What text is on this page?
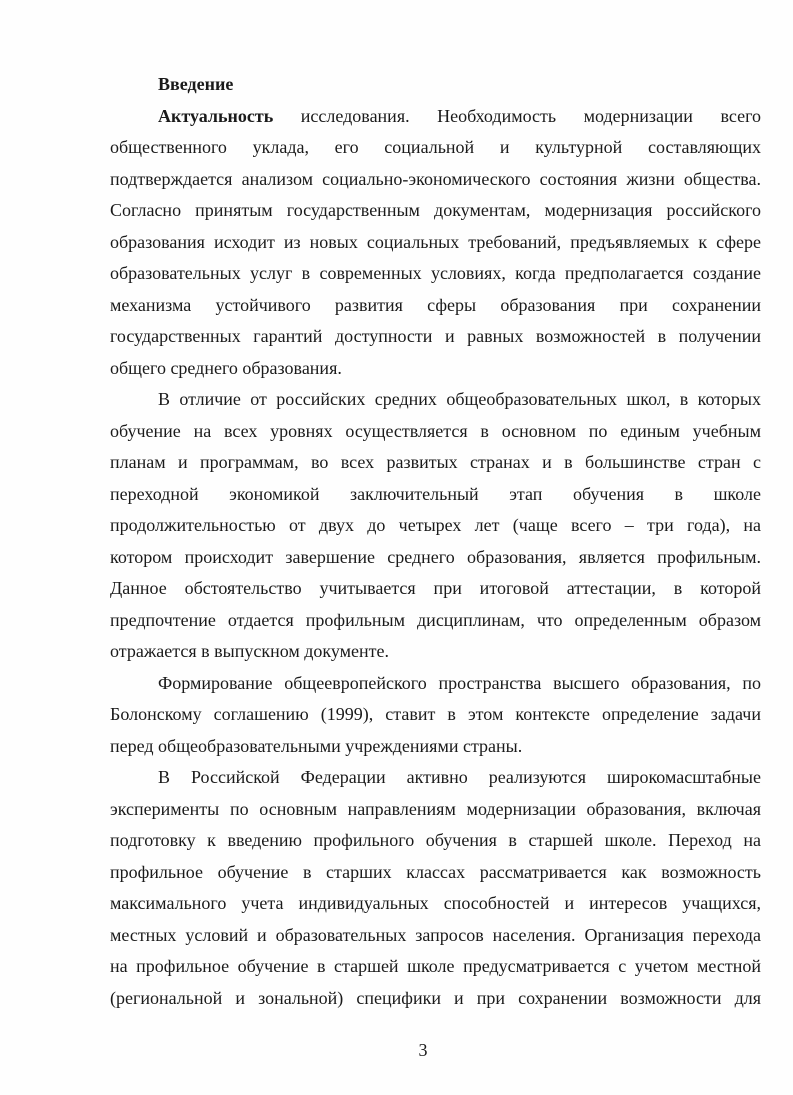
Введение
Актуальность исследования. Необходимость модернизации всего
общественного уклада, его социальной и культурной составляющих
подтверждается анализом социально-экономического состояния жизни общества.
Согласно принятым государственным документам, модернизация российского
образования исходит из новых социальных требований, предъявляемых к сфере
образовательных услуг в современных условиях, когда предполагается создание
механизма устойчивого развития сферы образования при сохранении
государственных гарантий доступности и равных возможностей в получении
общего среднего образования.
В отличие от российских средних общеобразовательных школ, в которых
обучение на всех уровнях осуществляется в основном по единым учебным
планам и программам, во всех развитых странах и в большинстве стран с
переходной экономикой заключительный этап обучения в школе
продолжительностью от двух до четырех лет (чаще всего – три года), на
котором происходит завершение среднего образования, является профильным.
Данное обстоятельство учитывается при итоговой аттестации, в которой
предпочтение отдается профильным дисциплинам, что определенным образом
отражается в выпускном документе.
Формирование общеевропейского пространства высшего образования, по
Болонскому соглашению (1999), ставит в этом контексте определение задачи
перед общеобразовательными учреждениями страны.
В Российской Федерации активно реализуются широкомасштабные
эксперименты по основным направлениям модернизации образования, включая
подготовку к введению профильного обучения в старшей школе. Переход на
профильное обучение в старших классах рассматривается как возможность
максимального учета индивидуальных способностей и интересов учащихся,
местных условий и образовательных запросов населения. Организация перехода
на профильное обучение в старшей школе предусматривается с учетом местной
(региональной и зональной) специфики и при сохранении возможности для
3
